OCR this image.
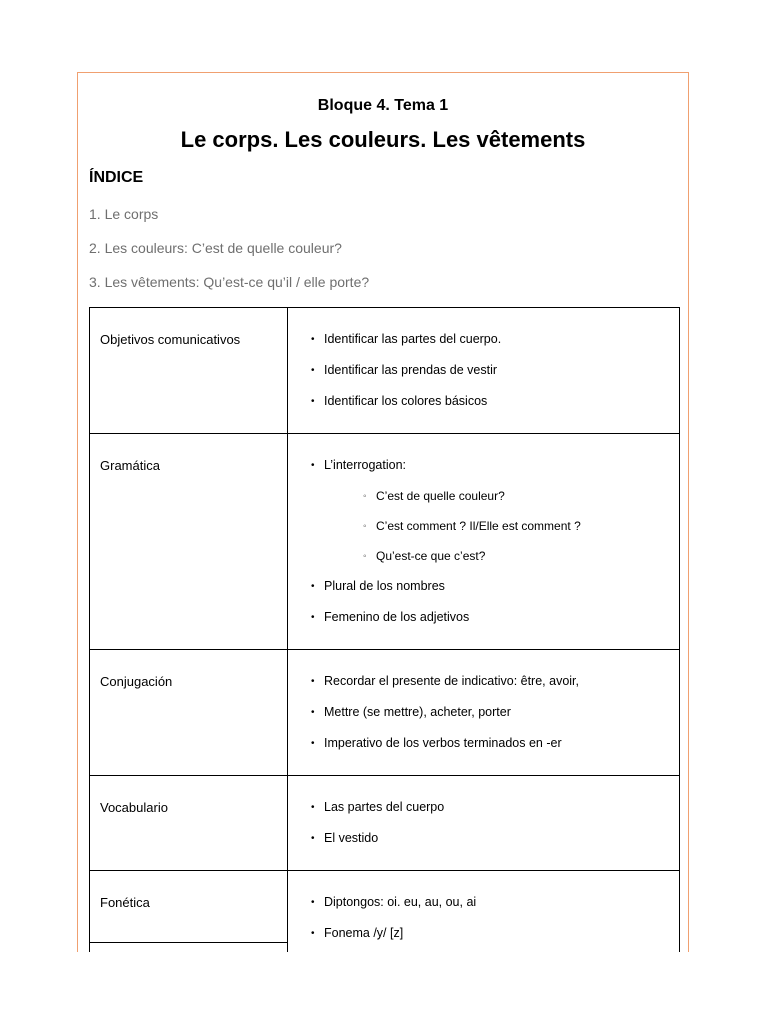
Bloque 4. Tema 1
Le corps. Les couleurs. Les vêtements
ÍNDICE
1. Le corps
2. Les couleurs: C’est de quelle couleur?
3. Les vêtements: Qu’est-ce qu’il / elle porte?
Objetivos comunicativos	• Identificar las partes del cuerpo.
• Identificar las prendas de vestir
• Identificar los colores básicos
Gramática	• L’interrogation:
◦ C’est de quelle couleur?
◦ C’est comment ? Il/Elle est comment ?
◦ Qu’est-ce que c’est?
• Plural de los nombres
• Femenino de los adjetivos
Conjugación	• Recordar el presente de indicativo: être, avoir,
• Mettre (se mettre), acheter, porter
• Imperativo de los verbos terminados en -er
Vocabulario	• Las partes del cuerpo
• El vestido
Fonética	• Diptongos: oi. eu, au, ou, ai
• Fonema /y/ [z]
